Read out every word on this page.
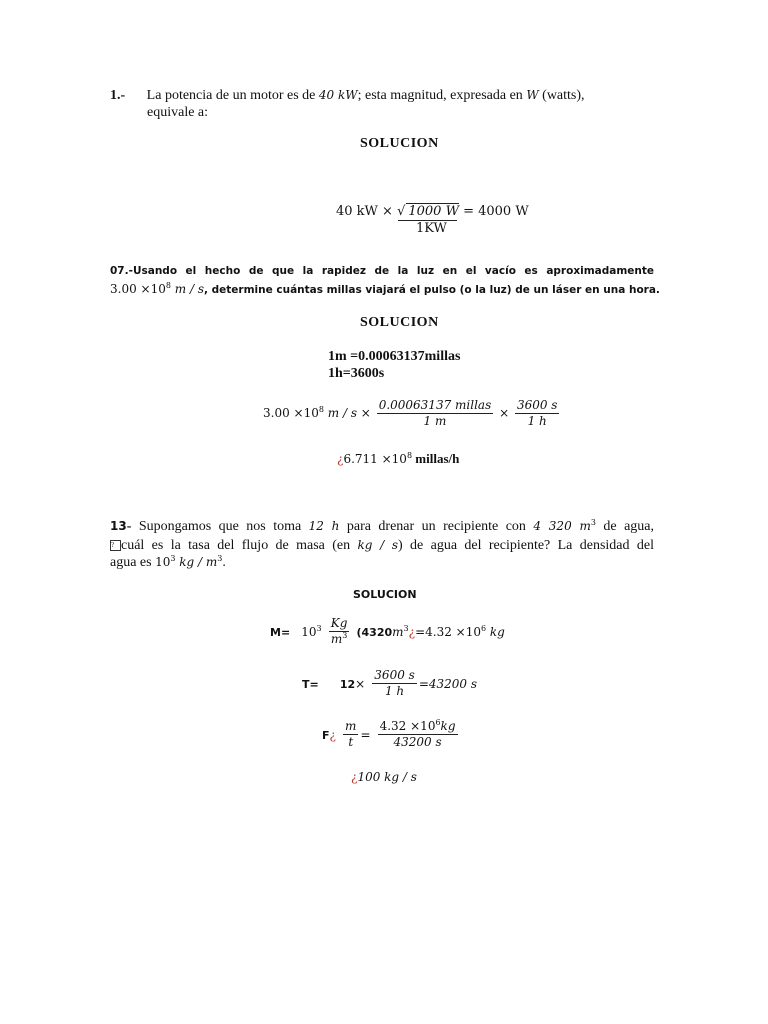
1.- La potencia de un motor es de 40 kW; esta magnitud, expresada en W (watts),
equivale a:
SOLUCION
40 kW × √ 1000 W = 4000 W
1KW
07.-Usando el hecho de que la rapidez de la luz en el vacío es aproximadamente
$3.00 \times 10^8$ m / s, determine cuántas millas viajará el pulso (o la luz) de un láser en una hora.
SOLUCION
1m =0.00063137millas
1h=3600s
$3.00 \times 10^8$ $m / s \times \frac{\text{0.00063137 millas}}{1 m} \times \frac{3600 s}{1 h}$
¿$6.711 \times 10^8$ millas/h
13- Supongamos que nos toma 12 h para drenar un recipiente con 4 320 $m^3$ de agua,
? cuál es la tasa del flujo de masa (en kg / s) de agua del recipiente? La densidad del
agua es $10^3$ kg / $m^3$.
SOLUCION
$M= 10^3 \frac{Kg}{m^3}$ ($4320m^3¿=4.32 \times 10^6$ kg
$T= 12\times \frac{3600 s}{1 h} =43200$ s
F¿ $\frac{m}{t} = \frac{4.32 \times 10^6kg}{43200 s}$
¿100 kg / s
